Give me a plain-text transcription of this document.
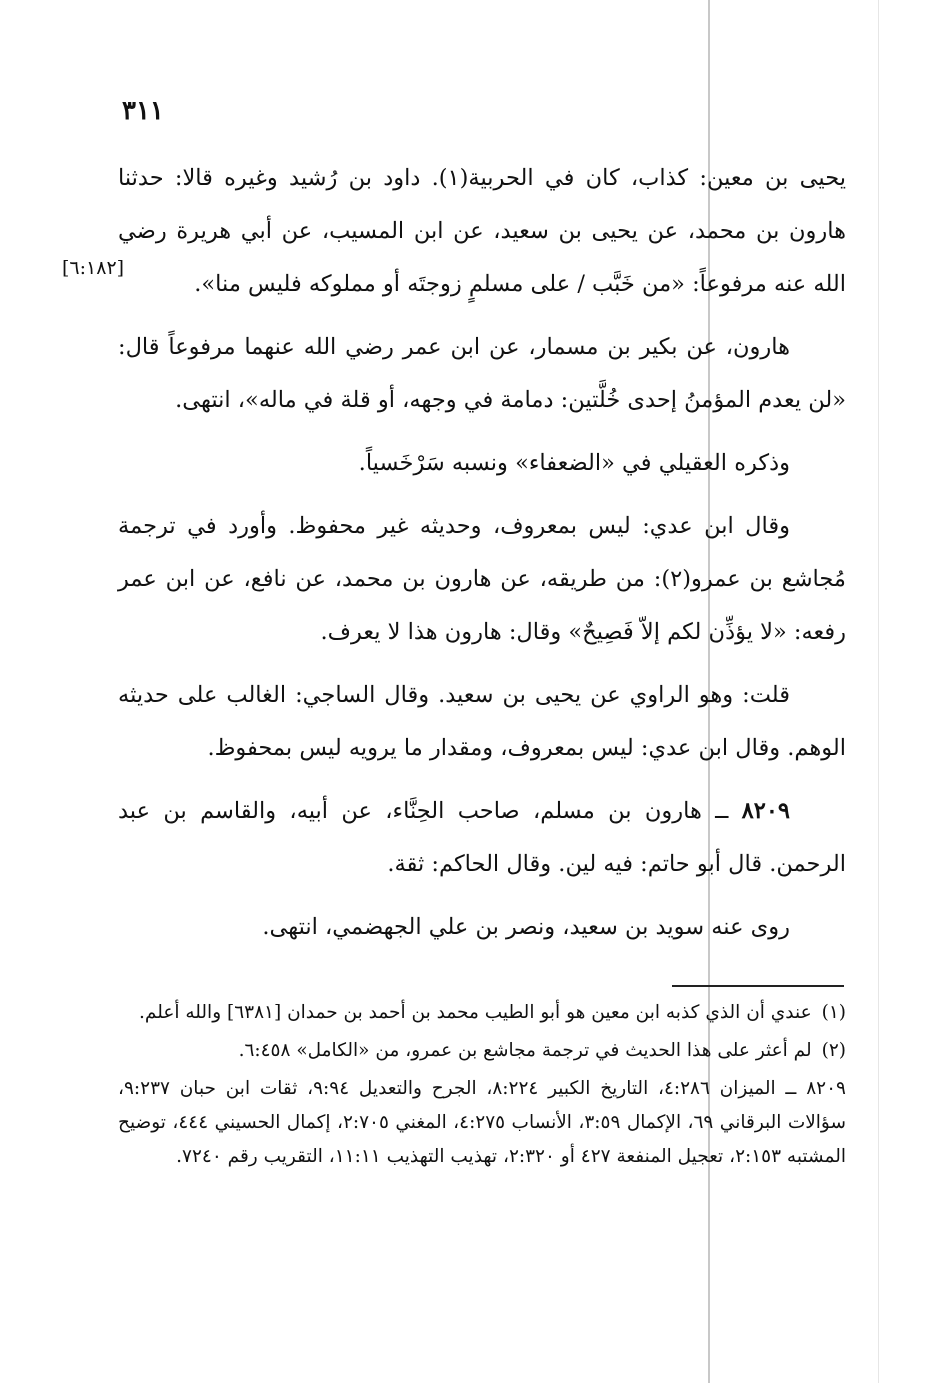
٣١١
[٦:١٨٢]

يحيى بن معين: كذاب، كان في الحربية(١). داود بن رُشيد وغيره قالا: حدثنا هارون بن محمد، عن يحيى بن سعيد، عن ابن المسيب، عن أبي هريرة رضي الله عنه مرفوعاً: «من خَبَّب / على مسلمٍ زوجتَه أو مملوكه فليس منا».

هارون، عن بكير بن مسمار، عن ابن عمر رضي الله عنهما مرفوعاً قال: «لن يعدم المؤمنُ إحدى خُلَّتين: دمامة في وجهه، أو قلة في ماله»، انتهى.

وذكره العقيلي في «الضعفاء» ونسبه سَرْخَسياً.

وقال ابن عدي: ليس بمعروف، وحديثه غير محفوظ. وأورد في ترجمة مُجاشع بن عمرو(٢): من طريقه، عن هارون بن محمد، عن نافع، عن ابن عمر رفعه: «لا يؤذِّن لكم إلاّ فَصِيحٌ» وقال: هارون هذا لا يعرف.

قلت: وهو الراوي عن يحيى بن سعيد. وقال الساجي: الغالب على حديثه الوهم. وقال ابن عدي: ليس بمعروف، ومقدار ما يرويه ليس بمحفوظ.

٨٢٠٩ ــ هارون بن مسلم، صاحب الحِنَّاء، عن أبيه، والقاسم بن عبد الرحمن. قال أبو حاتم: فيه لين. وقال الحاكم: ثقة.

روى عنه سويد بن سعيد، ونصر بن علي الجهضمي، انتهى.

(١)عندي أن الذي كذبه ابن معين هو أبو الطيب محمد بن أحمد بن حمدان [٦٣٨١] والله أعلم.

(٢)لم أعثر على هذا الحديث في ترجمة مجاشع بن عمرو، من «الكامل» ٦:٤٥٨.

٨٢٠٩ــ الميزان ٤:٢٨٦، التاريخ الكبير ٨:٢٢٤، الجرح والتعديل ٩:٩٤، ثقات ابن حبان ٩:٢٣٧، سؤالات البرقاني ٦٩، الإكمال ٣:٥٩، الأنساب ٤:٢٧٥، المغني ٢:٧٠٥، إكمال الحسيني ٤٤٤، توضيح المشتبه ٢:١٥٣، تعجيل المنفعة ٤٢٧ أو ٢:٣٢٠، تهذيب التهذيب ١١:١١، التقريب رقم ٧٢٤٠.
